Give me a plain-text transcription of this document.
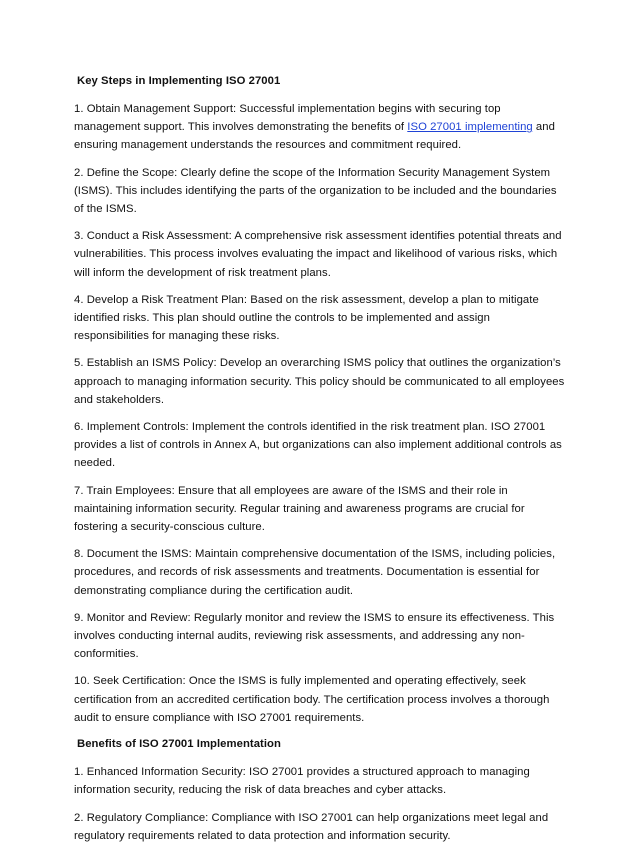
Key Steps in Implementing ISO 27001

1. Obtain Management Support: Successful implementation begins with securing top management support. This involves demonstrating the benefits of ISO 27001 implementing and ensuring management understands the resources and commitment required.

2. Define the Scope: Clearly define the scope of the Information Security Management System (ISMS). This includes identifying the parts of the organization to be included and the boundaries of the ISMS.

3. Conduct a Risk Assessment: A comprehensive risk assessment identifies potential threats and vulnerabilities. This process involves evaluating the impact and likelihood of various risks, which will inform the development of risk treatment plans.

4. Develop a Risk Treatment Plan: Based on the risk assessment, develop a plan to mitigate identified risks. This plan should outline the controls to be implemented and assign responsibilities for managing these risks.

5. Establish an ISMS Policy: Develop an overarching ISMS policy that outlines the organization’s approach to managing information security. This policy should be communicated to all employees and stakeholders.

6. Implement Controls: Implement the controls identified in the risk treatment plan. ISO 27001 provides a list of controls in Annex A, but organizations can also implement additional controls as needed.

7. Train Employees: Ensure that all employees are aware of the ISMS and their role in maintaining information security. Regular training and awareness programs are crucial for fostering a security-conscious culture.

8. Document the ISMS: Maintain comprehensive documentation of the ISMS, including policies, procedures, and records of risk assessments and treatments. Documentation is essential for demonstrating compliance during the certification audit.

9. Monitor and Review: Regularly monitor and review the ISMS to ensure its effectiveness. This involves conducting internal audits, reviewing risk assessments, and addressing any non-conformities.

10. Seek Certification: Once the ISMS is fully implemented and operating effectively, seek certification from an accredited certification body. The certification process involves a thorough audit to ensure compliance with ISO 27001 requirements.

Benefits of ISO 27001 Implementation

1. Enhanced Information Security: ISO 27001 provides a structured approach to managing information security, reducing the risk of data breaches and cyber attacks.

2. Regulatory Compliance: Compliance with ISO 27001 can help organizations meet legal and regulatory requirements related to data protection and information security.
